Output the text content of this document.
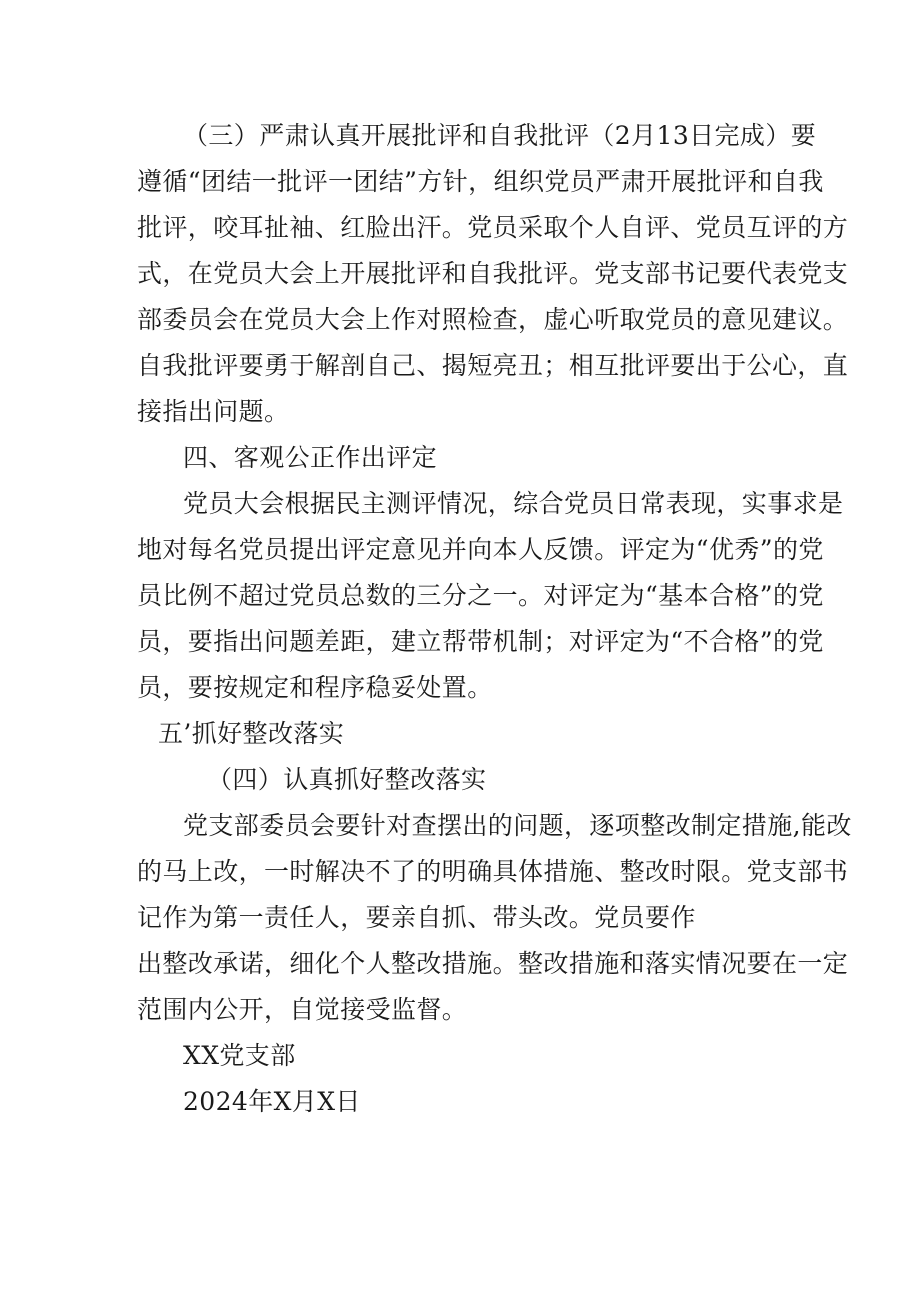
（三）严肃认真开展批评和自我批评（2月13日完成）要
遵循“团结一批评一团结”方针，组织党员严肃开展批评和自我
批评，咬耳扯袖、红脸出汗。党员采取个人自评、党员互评的方
式，在党员大会上开展批评和自我批评。党支部书记要代表党支
部委员会在党员大会上作对照检查，虚心听取党员的意见建议。
自我批评要勇于解剖自己、揭短亮丑；相互批评要出于公心，直
接指出问题。
四、客观公正作出评定
党员大会根据民主测评情况，综合党员日常表现，实事求是
地对每名党员提出评定意见并向本人反馈。评定为“优秀”的党
员比例不超过党员总数的三分之一。对评定为“基本合格”的党
员，要指出问题差距，建立帮带机制；对评定为“不合格”的党
员，要按规定和程序稳妥处置。
五’抓好整改落实
（四）认真抓好整改落实
党支部委员会要针对查摆出的问题，逐项整改制定措施,能改
的马上改，一时解决不了的明确具体措施、整改时限。党支部书
记作为第一责任人，要亲自抓、带头改。党员要作
出整改承诺，细化个人整改措施。整改措施和落实情况要在一定
范围内公开，自觉接受监督。
XX党支部
2024年X月X日
